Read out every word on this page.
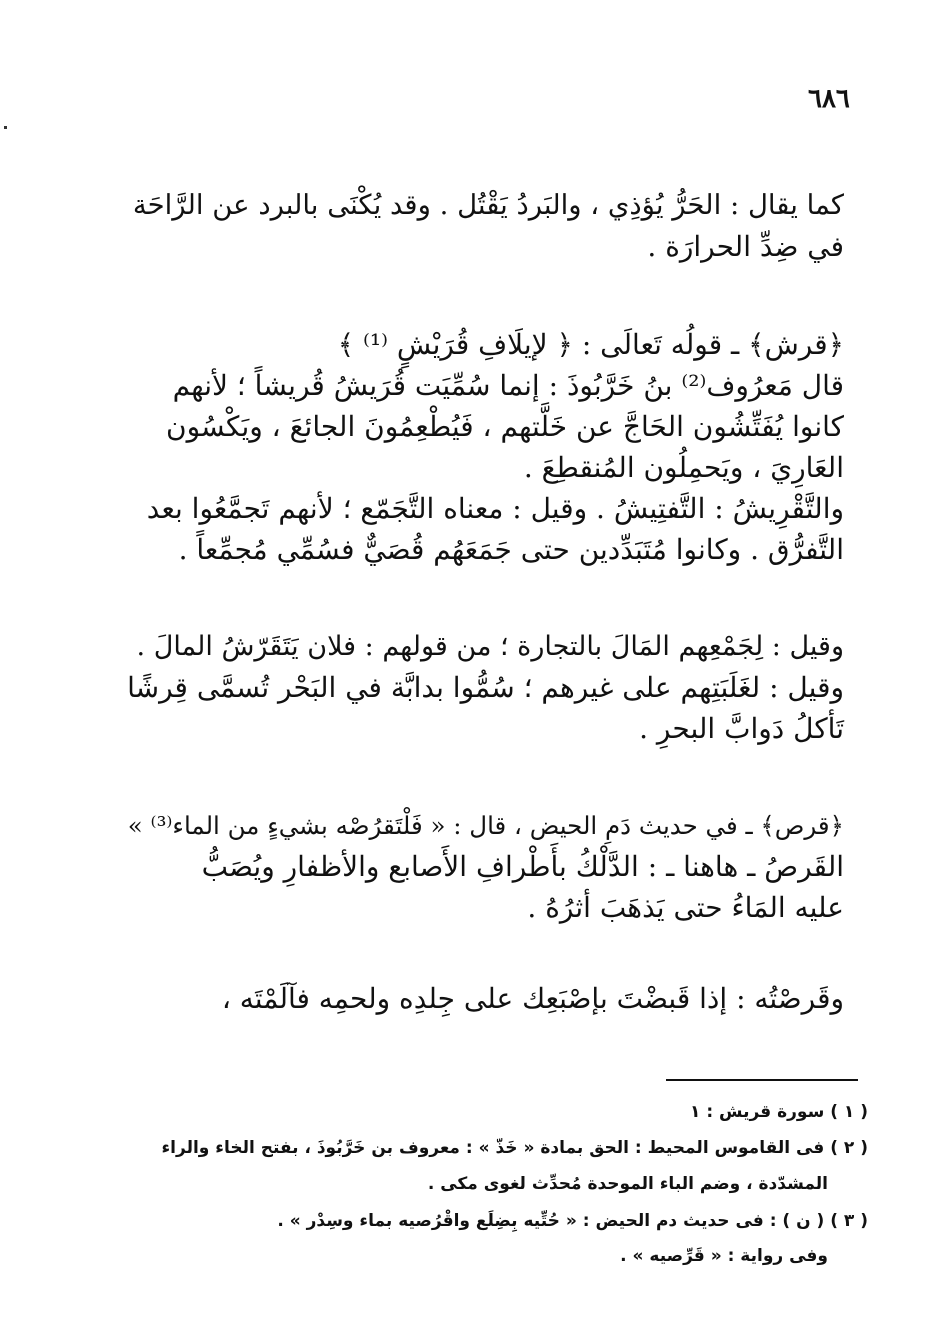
٦٨٦
كما يقال : الحَرُّ يُؤذِي ، والبَردُ يَقْتُل . وقد يُكْنَى بالبرد عن الرَّاحَة
في ضِدِّ الحرارَة .
﴿قرش﴾ ـ قولُه تَعالَى : ﴿ لإيلَافِ قُرَيْشٍ ⁽¹⁾ ﴾
قال مَعرُوف⁽²⁾ بنُ خَرَّبُوذَ : إنما سُمِّيَت قُرَيشُ قُريشاً ؛ لأنهم
كانوا يُفَتِّشُون الحَاجَّ عن خَلَّتهم ، فَيُطْعِمُونَ الجائعَ ، ويَكْسُون
العَارِيَ ، ويَحمِلُون المُنقطِعَ .
والتَّقْرِيشُ : التَّفتِيشُ . وقيل : معناه التَّجَمّع ؛ لأنهم تَجمَّعُوا بعد
التَّفرُّق . وكانوا مُتَبَدِّدين حتى جَمَعَهُم قُصَيٌّ فسُمِّي مُجمِّعاً .
وقيل : لِجَمْعِهم المَالَ بالتجارة ؛ من قولهم : فلان يَتَقَرّشُ المالَ .
وقيل : لغَلَبَتِهم على غيرهم ؛ سُمُّوا بدابَّة في البَحْر تُسمَّى قِرشًا
تَأكلُ دَوابَّ البحرِ .
﴿قرص﴾ ـ في حديث دَمِ الحيض ، قال : « فَلْتَقرُصْه بشيءٍ من الماء⁽³⁾ »
القَرصُ ـ هاهنا ـ : الدَّلْكُ بأَطْرافِ الأَصابع والأظفارِ ويُصَبُّ
عليه المَاءُ حتى يَذهَبَ أثرُهُ .
وقَرصْتُه : إذا قَبضْتَ بإصْبَعِك على جِلدِه ولحمِه فآلَمْتَه ،
( ١ ) سورة قريش : ١
( ٢ ) فى القاموس المحيط : الحق بمادة « خَذّ » : معروف بن خَرَّبُوذَ ، بفتح الخاء والراء
المشدّدة ، وضم الباء الموحدة مُحدِّث لغوى مكى .
( ٣ ) ( ن ) : فى حديث دم الحيض : « حُتِّيه بِضِلَع واقْرُصيه بماء وسِدْر » .
وفى رواية : « قَرِّصيه » .
